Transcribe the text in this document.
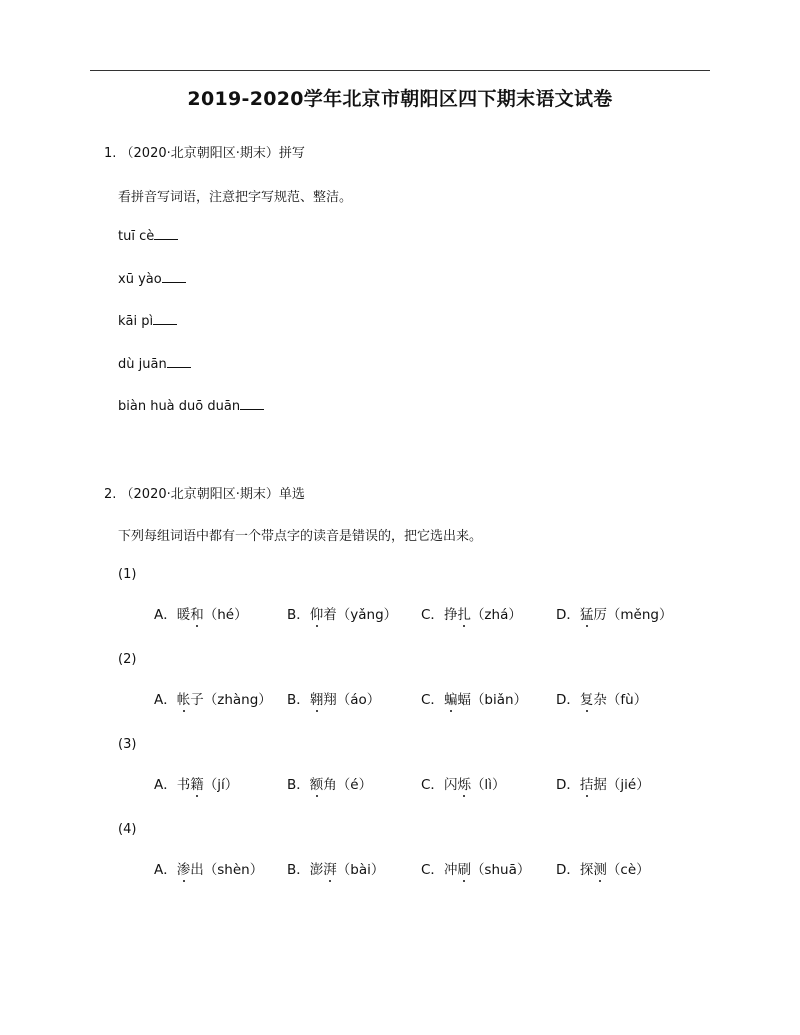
2019-2020学年北京市朝阳区四下期末语文试卷
1. （2020·北京朝阳区·期末）拼写
看拼音写词语，注意把字写规范、整洁。
tuī cè
xū yào
kāi pì
dù juān
biàn huà duō duān
2. （2020·北京朝阳区·期末）单选
下列每组词语中都有一个带点字的读音是错误的，把它选出来。
(1)
A．暖和（hé）	B．仰着（yǎng） C．挣扎（zhá）	D．猛厉（měng）
(2)
A．帐子（zhàng） B．翱翔（áo）	C．蝙蝠（biǎn） D．复杂（fù）
(3)
A．书籍（jí）	B．额角（é）	C．闪烁（lì）	D．拮据（jié）
(4)
A．渗出（shèn） B．澎湃（bài）	C．冲刷（shuā） D．探测（cè）
